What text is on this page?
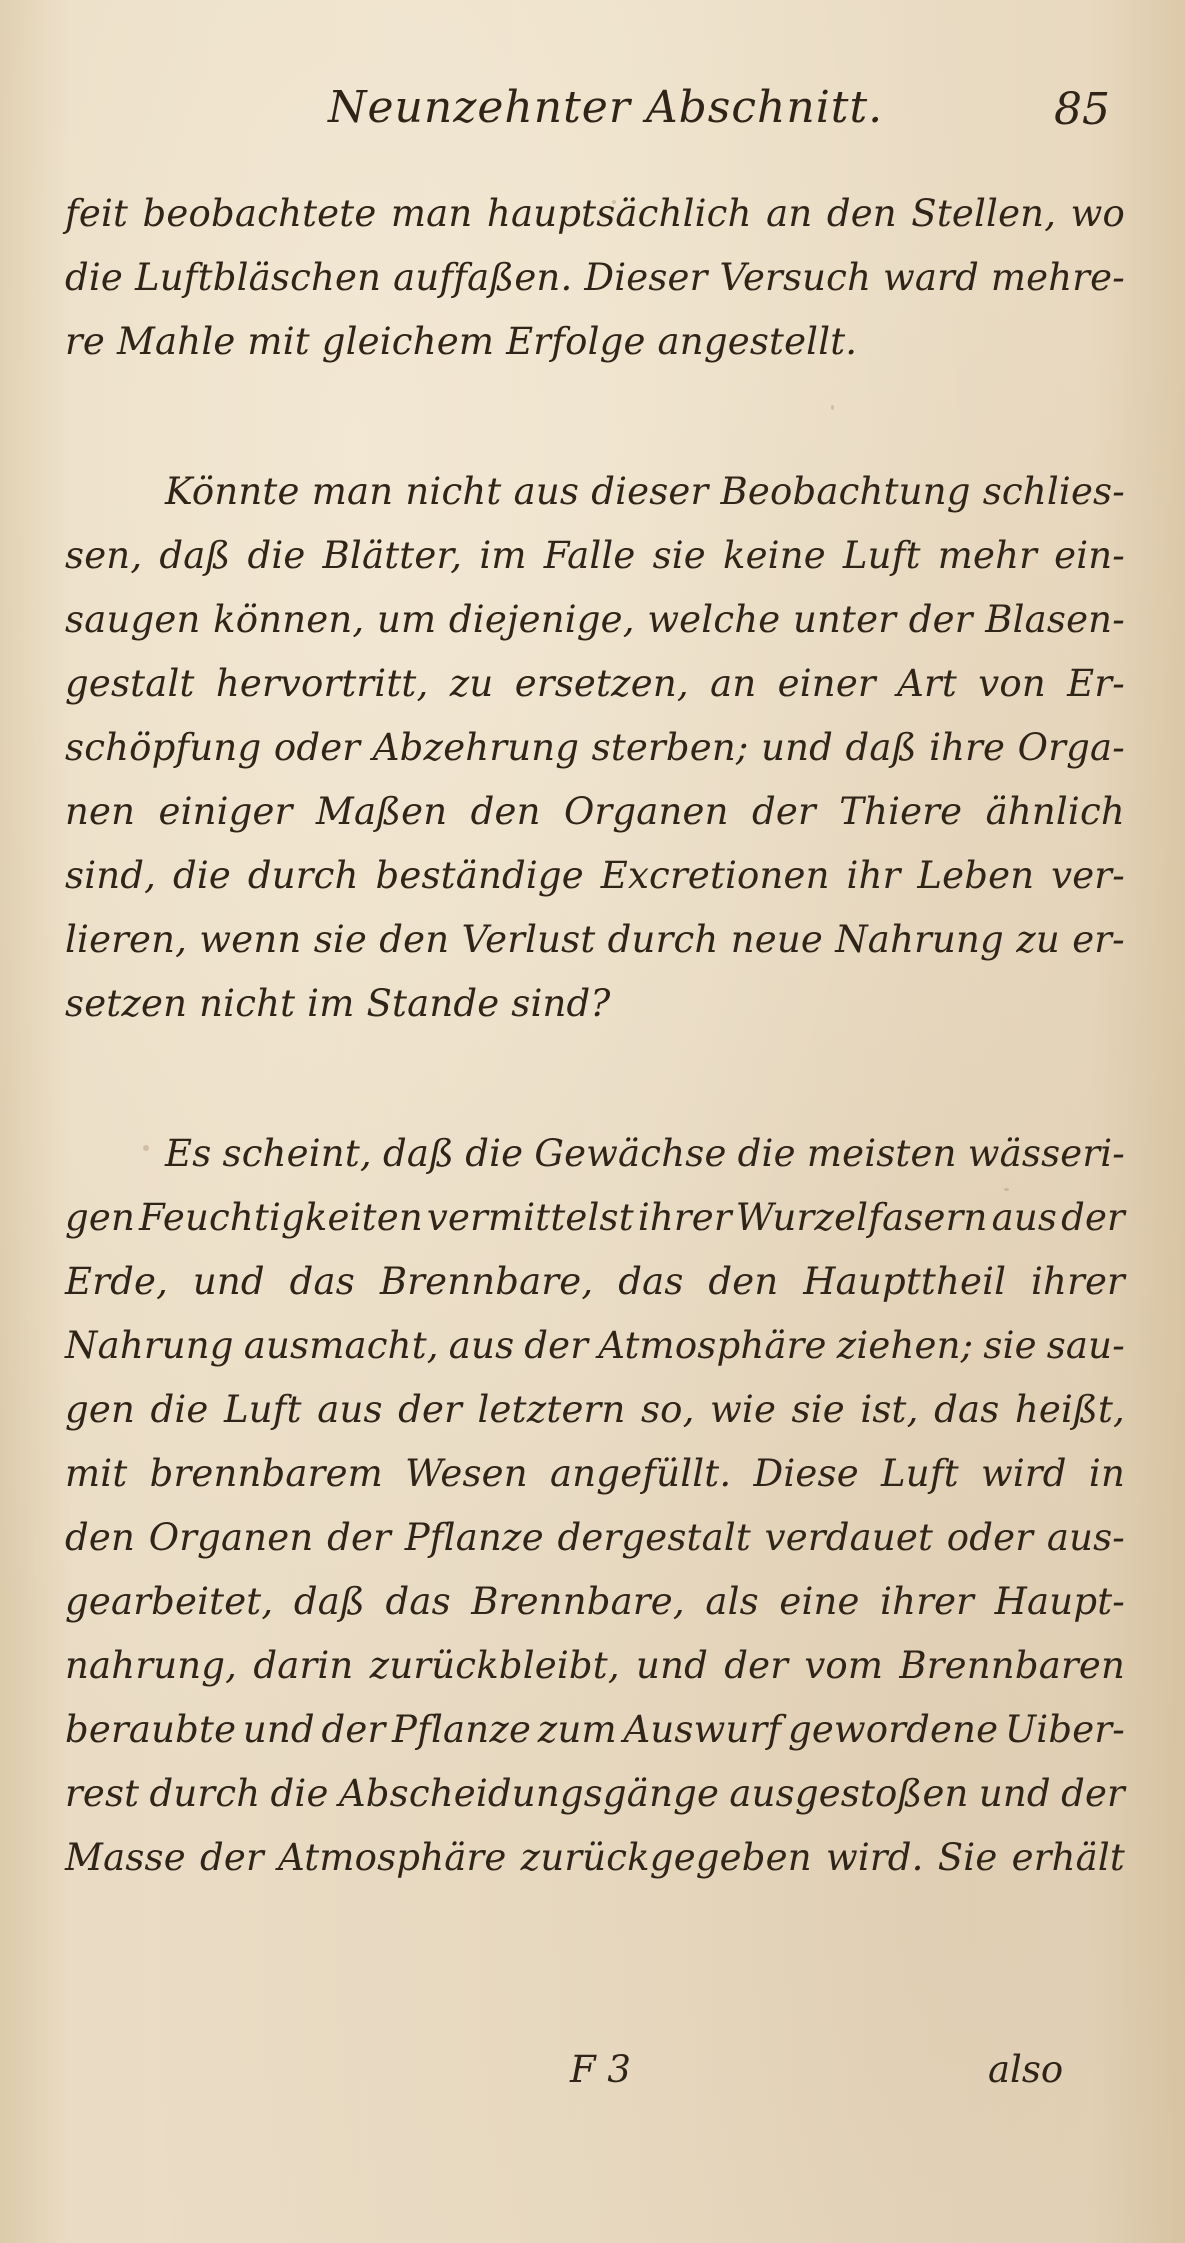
Neunzehnter Abschnitt.	85
feit beobachtete man hauptsächlich an den Stellen, wo
die Luftbläschen auffaßen. Dieser Versuch ward mehre-
re Mahle mit gleichem Erfolge angestellt.
Könnte man nicht aus dieser Beobachtung schlies-
sen, daß die Blätter, im Falle sie keine Luft mehr ein-
saugen können, um diejenige, welche unter der Blasen-
gestalt hervortritt, zu ersetzen, an einer Art von Er-
schöpfung oder Abzehrung sterben; und daß ihre Orga-
nen einiger Maßen den Organen der Thiere ähnlich
sind, die durch beständige Excretionen ihr Leben ver-
lieren, wenn sie den Verlust durch neue Nahrung zu er-
setzen nicht im Stande sind?
Es scheint, daß die Gewächse die meisten wässeri-
gen Feuchtigkeiten vermittelst ihrer Wurzelfasern aus der
Erde, und das Brennbare, das den Haupttheil ihrer
Nahrung ausmacht, aus der Atmosphäre ziehen; sie sau-
gen die Luft aus der letztern so, wie sie ist, das heißt,
mit brennbarem Wesen angefüllt. Diese Luft wird in
den Organen der Pflanze dergestalt verdauet oder aus-
gearbeitet, daß das Brennbare, als eine ihrer Haupt-
nahrung, darin zurückbleibt, und der vom Brennbaren
beraubte und der Pflanze zum Auswurf gewordene Uiber-
rest durch die Abscheidungsgänge ausgestoßen und der
Masse der Atmosphäre zurückgegeben wird. Sie erhält
F 3	also
